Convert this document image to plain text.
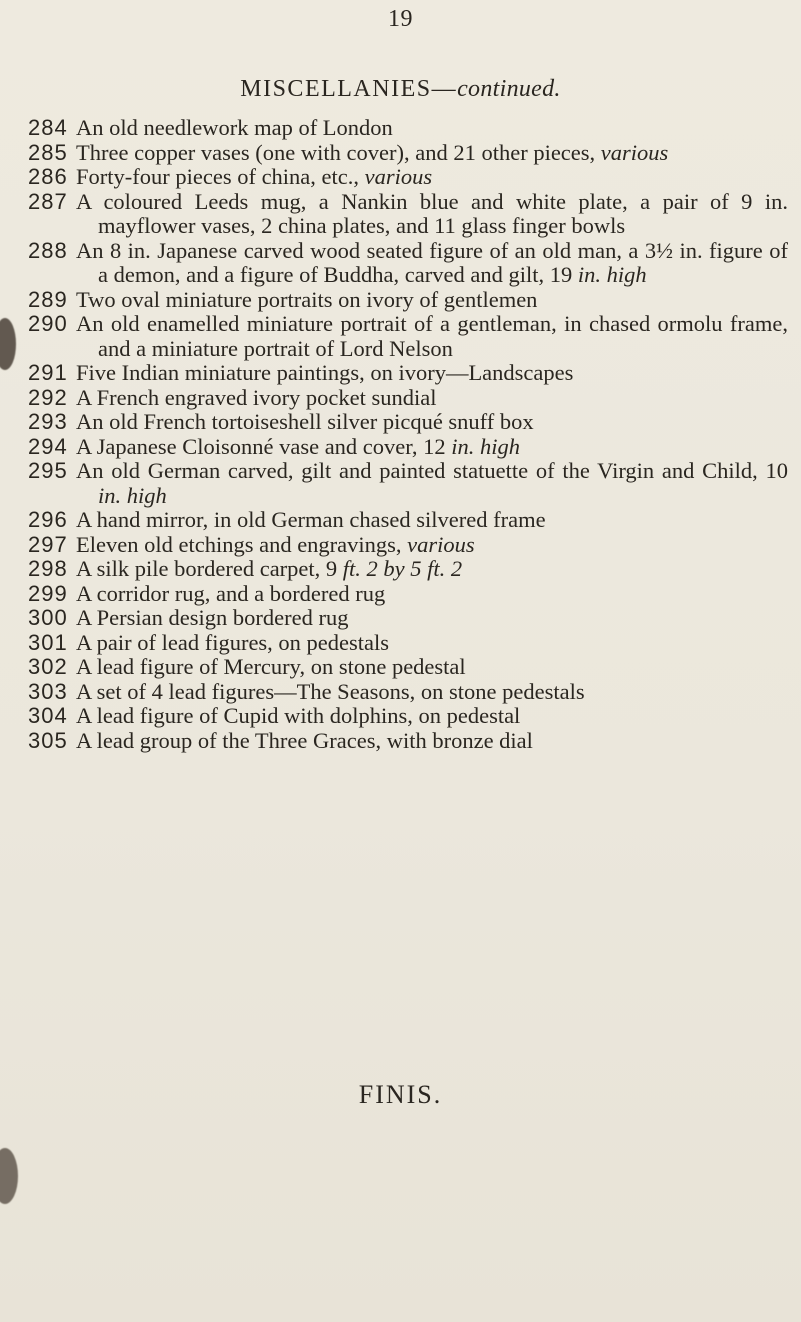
19
MISCELLANIES—continued.
284 An old needlework map of London
285 Three copper vases (one with cover), and 21 other pieces, various
286 Forty-four pieces of china, etc., various
287 A coloured Leeds mug, a Nankin blue and white plate, a pair of 9 in. mayflower vases, 2 china plates, and 11 glass finger bowls
288 An 8 in. Japanese carved wood seated figure of an old man, a 3½ in. figure of a demon, and a figure of Buddha, carved and gilt, 19 in. high
289 Two oval miniature portraits on ivory of gentlemen
290 An old enamelled miniature portrait of a gentleman, in chased ormolu frame, and a miniature portrait of Lord Nelson
291 Five Indian miniature paintings, on ivory—Landscapes
292 A French engraved ivory pocket sundial
293 An old French tortoiseshell silver picqué snuff box
294 A Japanese Cloisonné vase and cover, 12 in. high
295 An old German carved, gilt and painted statuette of the Virgin and Child, 10 in. high
296 A hand mirror, in old German chased silvered frame
297 Eleven old etchings and engravings, various
298 A silk pile bordered carpet, 9 ft. 2 by 5 ft. 2
299 A corridor rug, and a bordered rug
300 A Persian design bordered rug
301 A pair of lead figures, on pedestals
302 A lead figure of Mercury, on stone pedestal
303 A set of 4 lead figures—The Seasons, on stone pedestals
304 A lead figure of Cupid with dolphins, on pedestal
305 A lead group of the Three Graces, with bronze dial
FINIS.
